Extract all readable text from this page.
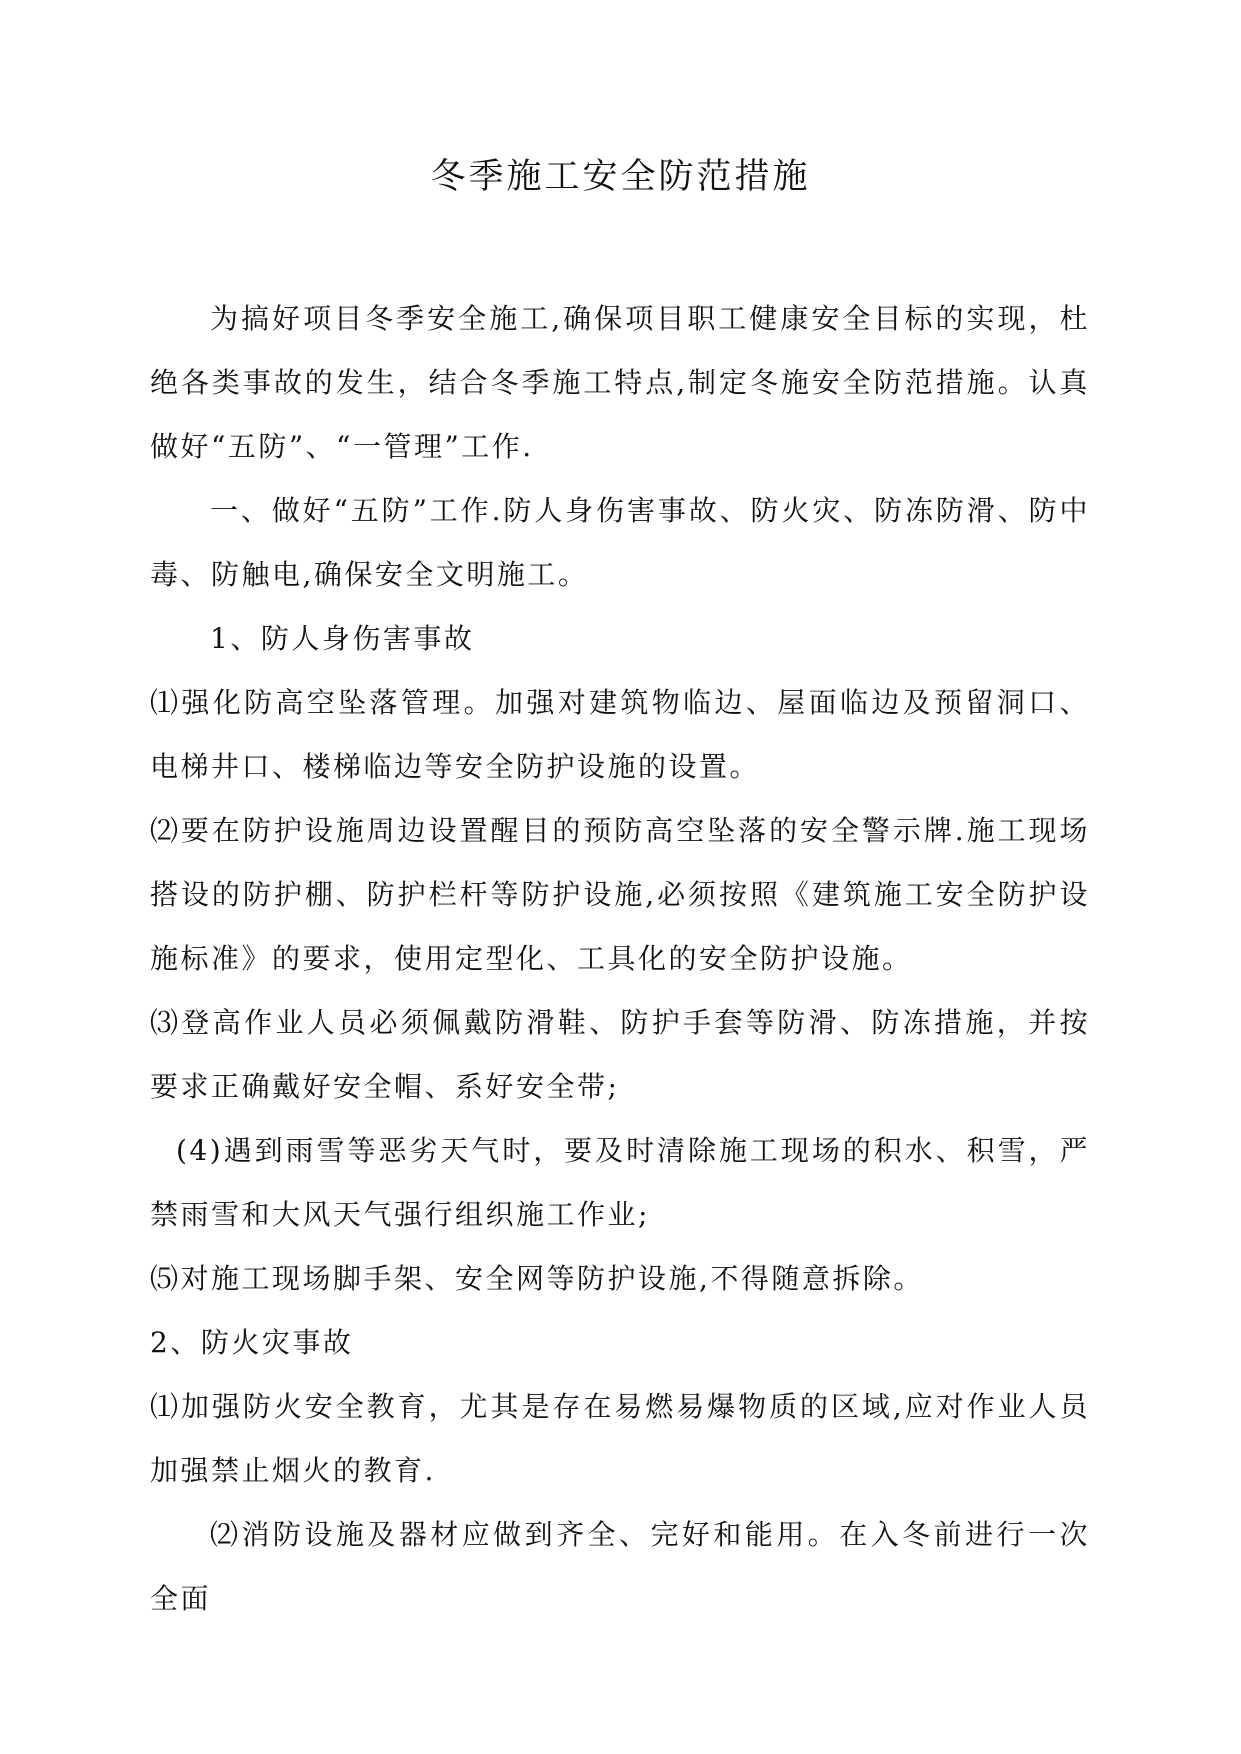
冬季施工安全防范措施

为搞好项目冬季安全施工,确保项目职工健康安全目标的实现，杜绝各类事故的发生，结合冬季施工特点,制定冬施安全防范措施。认真做好“五防”、“一管理”工作.

一、做好“五防”工作.防人身伤害事故、防火灾、防冻防滑、防中毒、防触电,确保安全文明施工。

1、防人身伤害事故

⑴强化防高空坠落管理。加强对建筑物临边、屋面临边及预留洞口、电梯井口、楼梯临边等安全防护设施的设置。

⑵要在防护设施周边设置醒目的预防高空坠落的安全警示牌.施工现场搭设的防护棚、防护栏杆等防护设施,必须按照《建筑施工安全防护设施标准》的要求，使用定型化、工具化的安全防护设施。

⑶登高作业人员必须佩戴防滑鞋、防护手套等防滑、防冻措施，并按要求正确戴好安全帽、系好安全带;

(4)遇到雨雪等恶劣天气时，要及时清除施工现场的积水、积雪，严禁雨雪和大风天气强行组织施工作业;

⑸对施工现场脚手架、安全网等防护设施,不得随意拆除。

2、防火灾事故

⑴加强防火安全教育，尤其是存在易燃易爆物质的区域,应对作业人员加强禁止烟火的教育.

⑵消防设施及器材应做到齐全、完好和能用。在入冬前进行一次全面
